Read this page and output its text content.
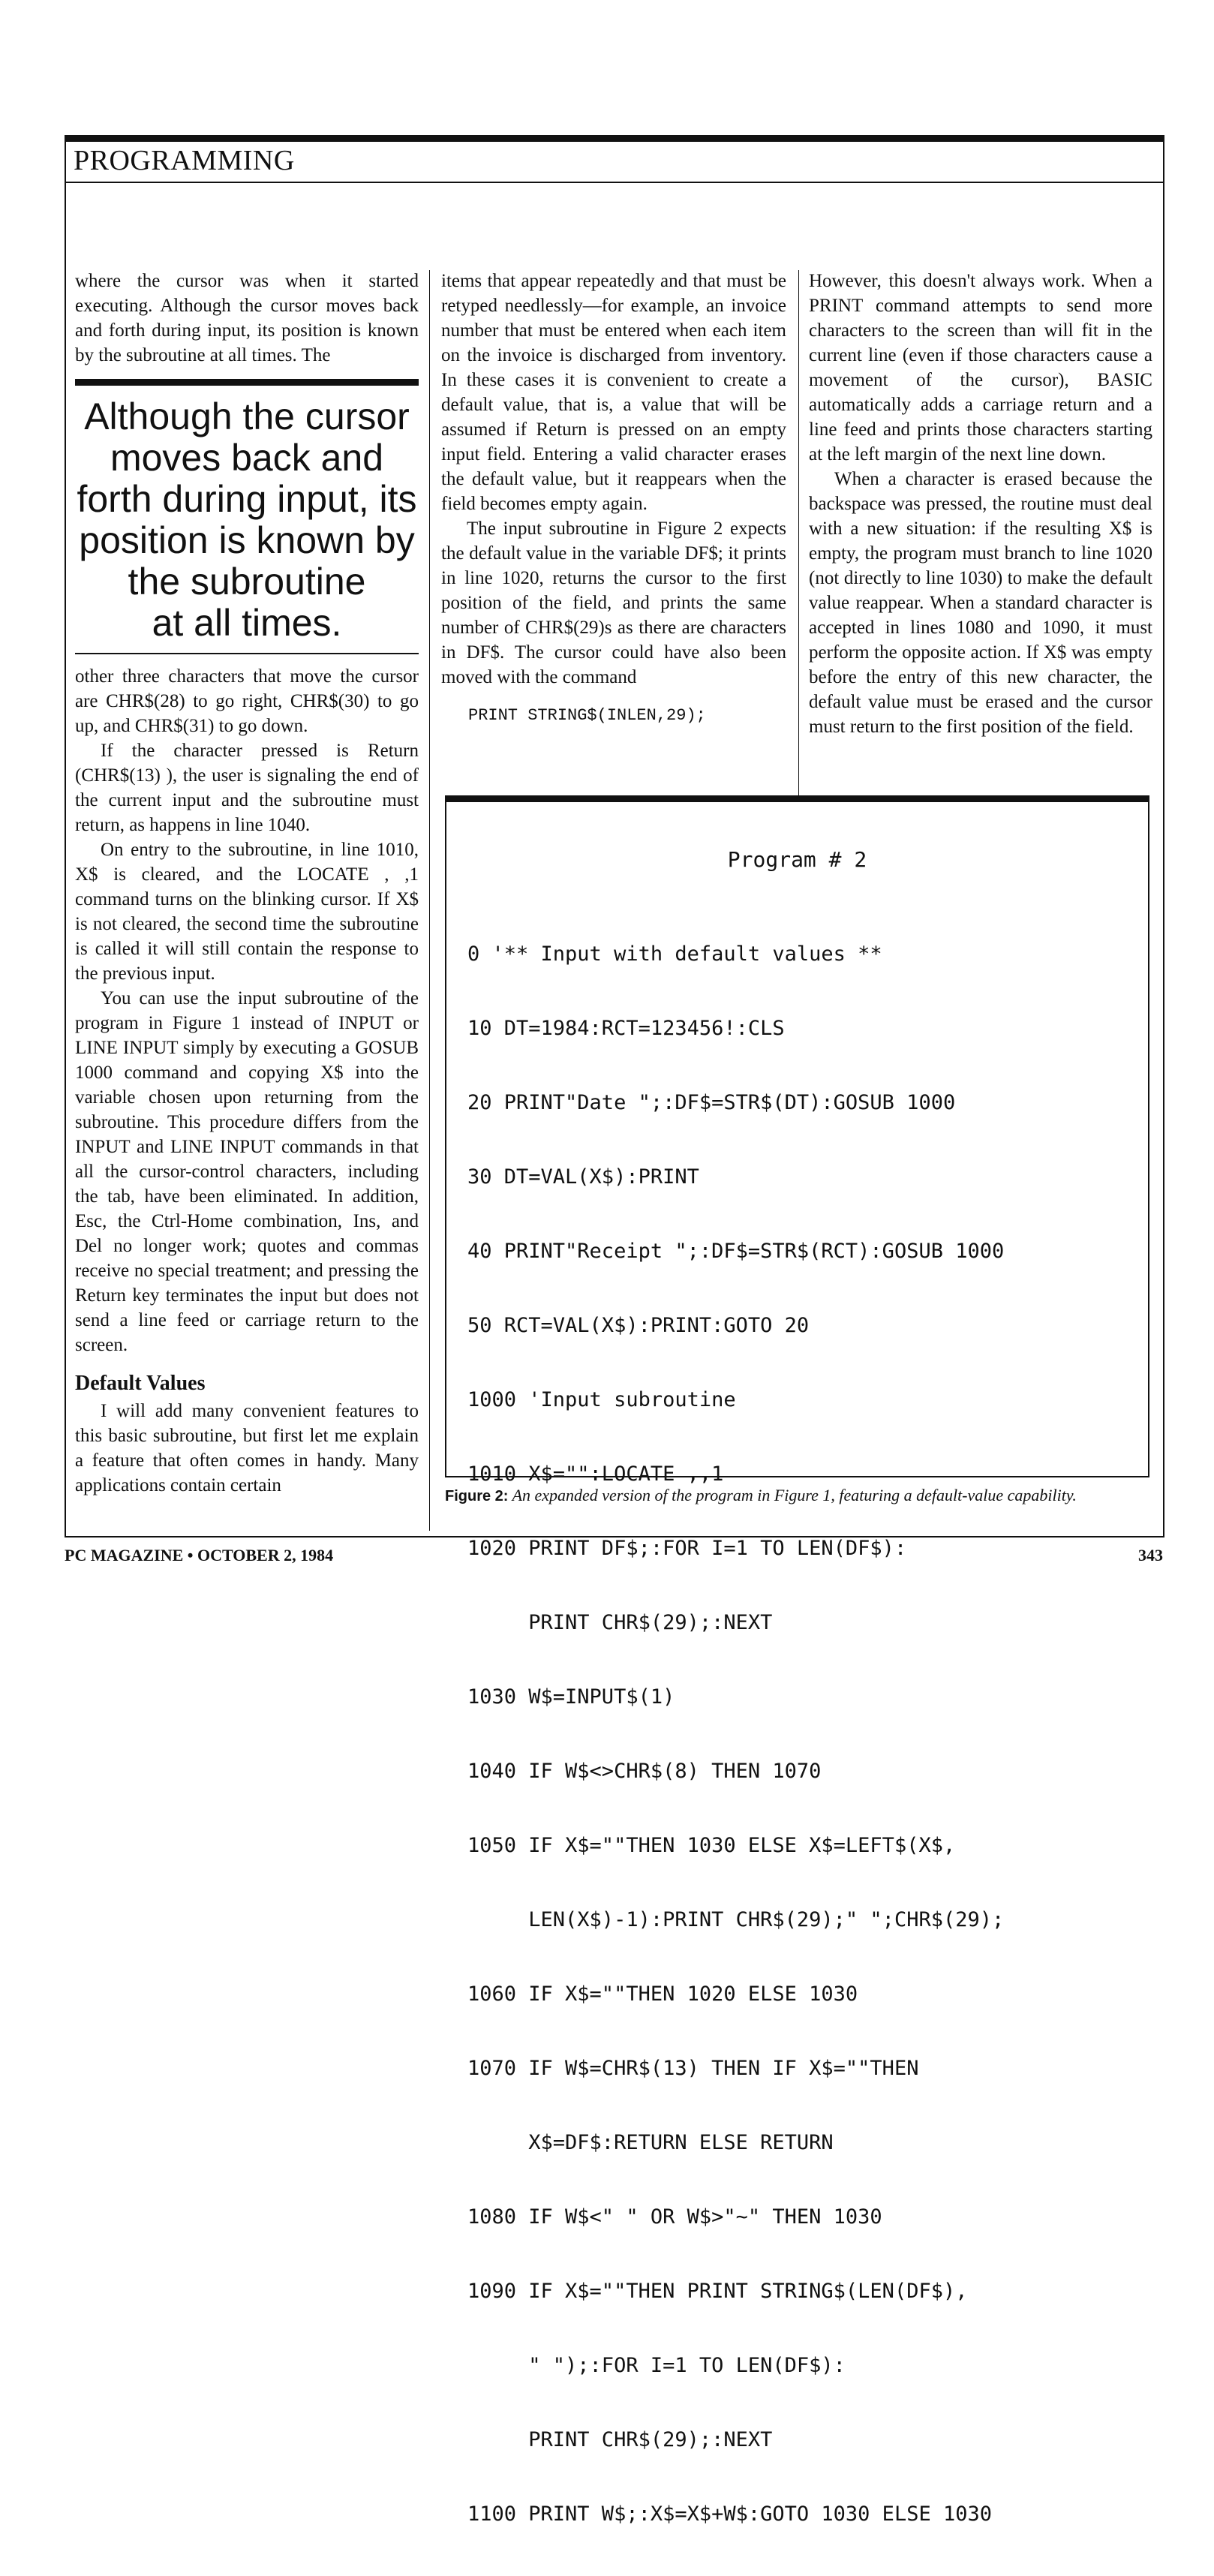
PROGRAMMING

where the cursor was when it started executing. Although the cursor moves back and forth during input, its position is known by the subroutine at all times. The

Although the cursor
moves back and
forth during input, its
position is known by
the subroutine
at all times.

other three characters that move the cursor are CHR$(28) to go right, CHR$(30) to go up, and CHR$(31) to go down.

If the character pressed is Return (CHR$(13) ), the user is signaling the end of the current input and the subroutine must return, as happens in line 1040.

On entry to the subroutine, in line 1010, X$ is cleared, and the LOCATE , ,1 command turns on the blinking cursor. If X$ is not cleared, the second time the subroutine is called it will still contain the response to the previous input.

You can use the input subroutine of the program in Figure 1 instead of INPUT or LINE INPUT simply by executing a GOSUB 1000 command and copying X$ into the variable chosen upon returning from the subroutine. This procedure differs from the INPUT and LINE INPUT commands in that all the cursor-control characters, including the tab, have been eliminated. In addition, Esc, the Ctrl-Home combination, Ins, and Del no longer work; quotes and commas receive no special treatment; and pressing the Return key terminates the input but does not send a line feed or carriage return to the screen.

Default Values

I will add many convenient features to this basic subroutine, but first let me explain a feature that often comes in handy. Many applications contain certain

items that appear repeatedly and that must be retyped needlessly—for example, an invoice number that must be entered when each item on the invoice is discharged from inventory. In these cases it is convenient to create a default value, that is, a value that will be assumed if Return is pressed on an empty input field. Entering a valid character erases the default value, but it reappears when the field becomes empty again.

The input subroutine in Figure 2 expects the default value in the variable DF$; it prints in line 1020, returns the cursor to the first position of the field, and prints the same number of CHR$(29)s as there are characters in DF$. The cursor could have also been moved with the command

PRINT STRING$(INLEN,29);

However, this doesn't always work. When a PRINT command attempts to send more characters to the screen than will fit in the current line (even if those characters cause a movement of the cursor), BASIC automatically adds a carriage return and a line feed and prints those characters starting at the left margin of the next line down.

When a character is erased because the backspace was pressed, the routine must deal with a new situation: if the resulting X$ is empty, the program must branch to line 1020 (not directly to line 1030) to make the default value reappear. When a standard character is accepted in lines 1080 and 1090, it must perform the opposite action. If X$ was empty before the entry of this new character, the default value must be erased and the cursor must return to the first position of the field.

Program # 2

0 '** Input with default values **

10 DT=1984:RCT=123456!:CLS

20 PRINT"Date ";:DF$=STR$(DT):GOSUB 1000

30 DT=VAL(X$):PRINT

40 PRINT"Receipt ";:DF$=STR$(RCT):GOSUB 1000

50 RCT=VAL(X$):PRINT:GOTO 20

1000 'Input subroutine

1010 X$="":LOCATE ,,1

1020 PRINT DF$;:FOR I=1 TO LEN(DF$):

PRINT CHR$(29);:NEXT

1030 W$=INPUT$(1)

1040 IF W$<>CHR$(8) THEN 1070

1050 IF X$=""THEN 1030 ELSE X$=LEFT$(X$,

LEN(X$)-1):PRINT CHR$(29);" ";CHR$(29);

1060 IF X$=""THEN 1020 ELSE 1030

1070 IF W$=CHR$(13) THEN IF X$=""THEN

X$=DF$:RETURN ELSE RETURN

1080 IF W$<" " OR W$>"~" THEN 1030

1090 IF X$=""THEN PRINT STRING$(LEN(DF$),

" ");:FOR I=1 TO LEN(DF$):

PRINT CHR$(29);:NEXT

1100 PRINT W$;:X$=X$+W$:GOTO 1030 ELSE 1030

Figure 2: An expanded version of the program in Figure 1, featuring a default-value capability.
PC MAGAZINE • OCTOBER 2, 1984	343
